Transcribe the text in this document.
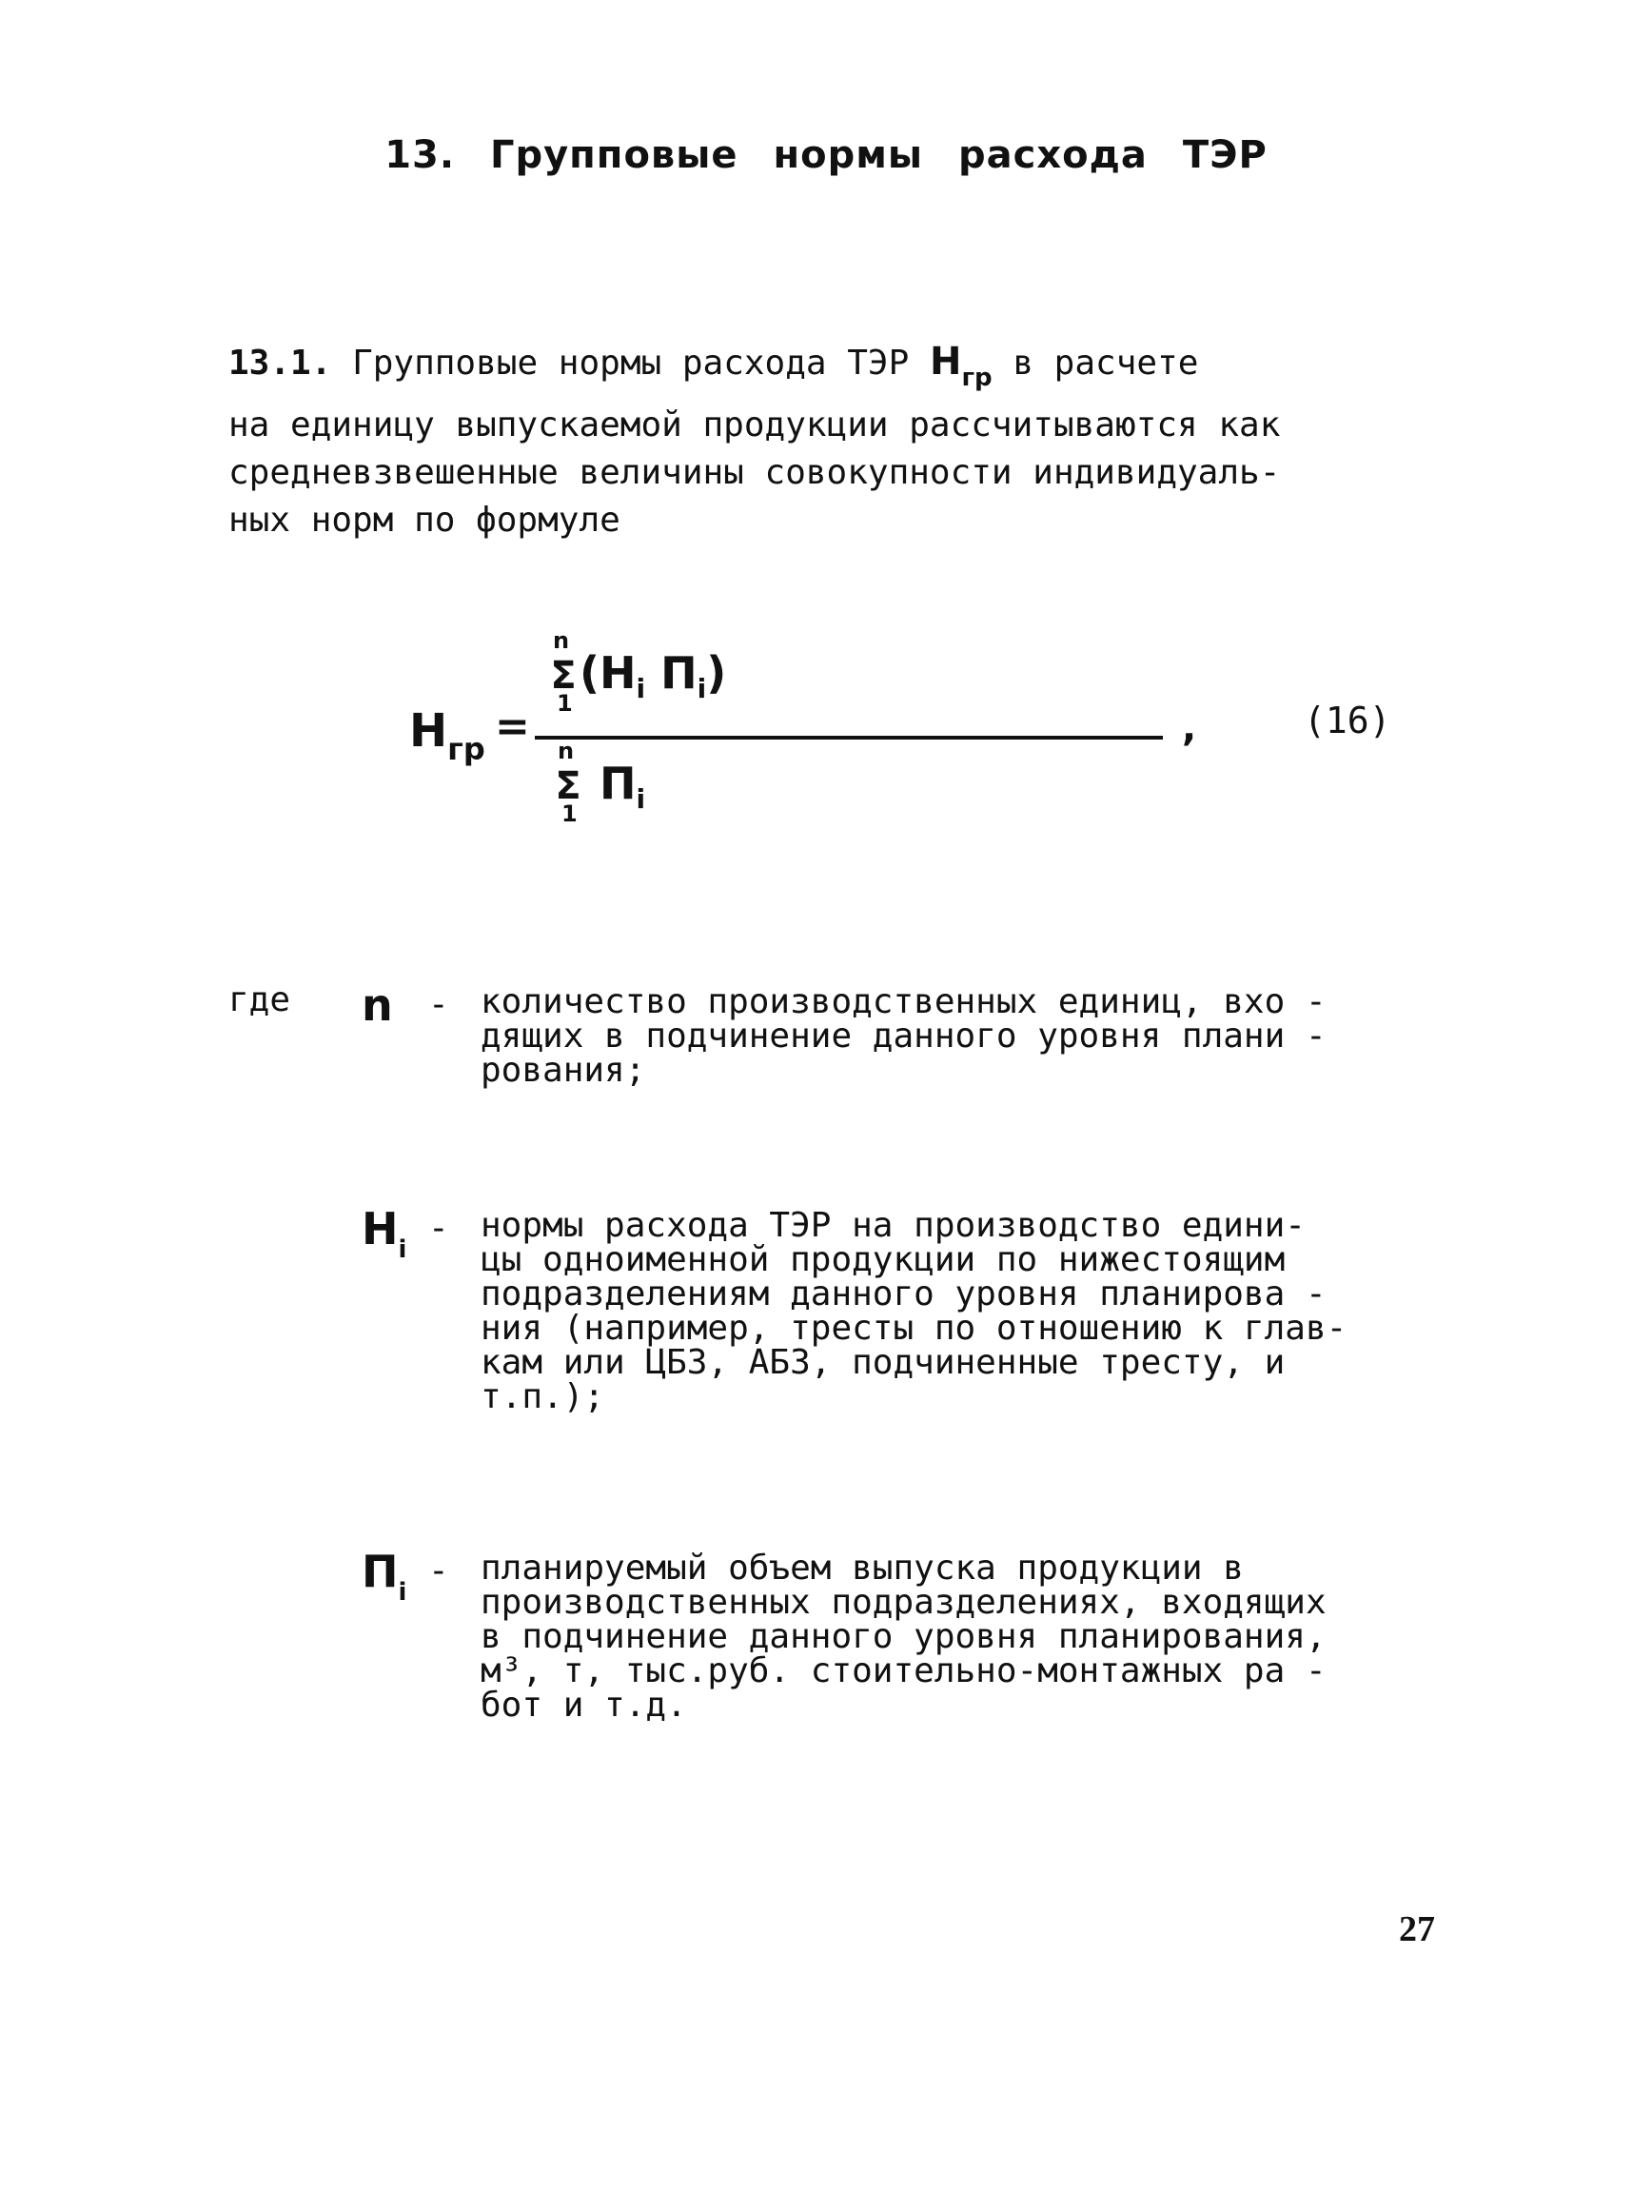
13. Групповые нормы расхода ТЭР
13.1. Групповые нормы расхода ТЭР $Н_{гр}$ в расчете
на единицу выпускаемой продукции рассчитываются как
средневзвешенные величины совокупности индивидуаль-
ных норм по формуле
$Н_{гр}$ =
n
Σ
1
($Н_i$ $П_i$)
n
Σ
1
$П_i$
,	(16)
где n - количество производственных единиц, вхо -
дящих в подчинение данного уровня плани -
рования;
$Н_i$
- нормы расхода ТЭР на производство едини-
цы одноименной продукции по нижестоящим
подразделениям данного уровня планирова -
ния (например, тресты по отношению к глав-
кам или ЦБЗ, АБЗ, подчиненные тресту, и
т.п.);
$П_i$
- планируемый объем выпуска продукции в
производственных подразделениях, входящих
в подчинение данного уровня планирования,
м³, т, тыс.руб. стоительно-монтажных ра -
бот и т.д.
27
